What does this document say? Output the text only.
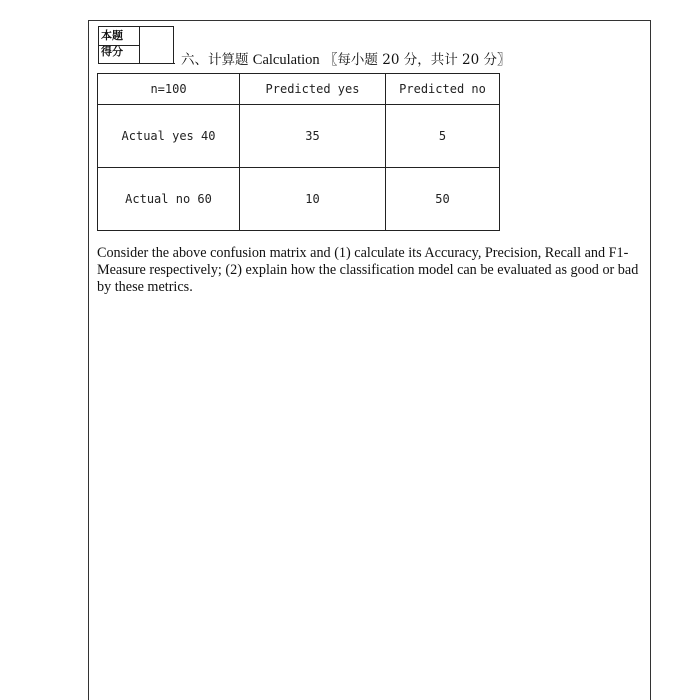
本题
得分
六、计算题 Calculation 〖每小题 20 分，共计 20 分〗
n=100	Predicted yes	Predicted no
Actual yes 40	35	5
Actual no 60	10	50

Consider the above confusion matrix and (1) calculate its Accuracy, Precision, Recall and F1-Measure respectively; (2) explain how the classification model can be evaluated as good or bad by these metrics.
